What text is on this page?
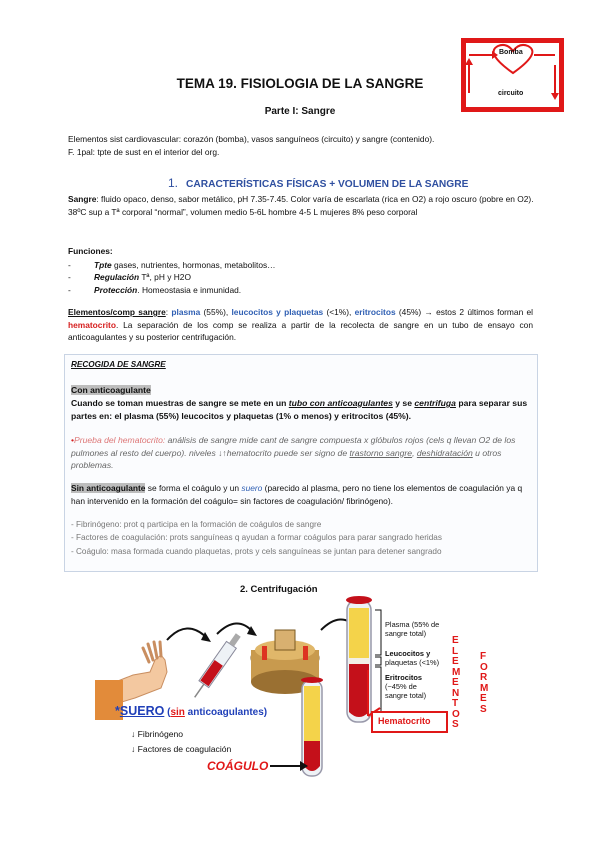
Bomba
circuito
TEMA 19. FISIOLOGIA DE LA SANGRE
Parte I: Sangre

Elementos sist cardiovascular: corazón (bomba), vasos sanguíneos (circuito) y sangre (contenido).

F. 1pal: tpte de sust en el interior del org.

1. CARACTERÍSTICAS FÍSICAS + VOLUMEN DE LA SANGRE
Sangre: fluido opaco, denso, sabor metálico, pH 7.35-7.45. Color varía de escarlata (rica en O2) a rojo oscuro (pobre en O2). 38ºC sup a Tª corporal “normal”, volumen medio 5-6L hombre 4-5 L mujeres 8% peso corporal

Funciones:

-	Tpte gases, nutrientes, hormonas, metabolitos…
-	Regulación Tª, pH y H2O
-	Protección. Homeostasia e inmunidad.
Elementos/comp sangre: plasma (55%), leucocitos y plaquetas (<1%), eritrocitos (45%) → estos 2 últimos forman el hematocrito. La separación de los comp se realiza a partir de la recolecta de sangre en un tubo de ensayo con anticoagulantes y su posterior centrifugación.
RECOGIDA DE SANGRE
Con anticoagulante
Cuando se toman muestras de sangre se mete en un tubo con anticoagulantes y se centrifuga para separar sus partes en: el plasma (55%) leucocitos y plaquetas (1% o menos) y eritrocitos (45%).
•Prueba del hematocrito: análisis de sangre mide cant de sangre compuesta x glóbulos rojos (cels q llevan O2 de los pulmones al resto del cuerpo). niveles ↓↑hematocrito puede ser signo de trastorno sangre, deshidratación u otros problemas.
Sin anticoagulante se forma el coágulo y un suero (parecido al plasma, pero no tiene los elementos de coagulación ya q han intervenido en la formación del coágulo= sin factores de coagulación/ fibrinógeno).

- Fibrinógeno: prot q participa en la formación de coágulos de sangre

- Factores de coagulación: prots sanguíneas q ayudan a formar coágulos para parar sangrado heridas

- Coágulo: masa formada cuando plaquetas, prots y cels sanguíneas se juntan para detener sangrado

2. Centrifugación
Plasma (55% de
sangre total)
Leucocitos y
plaquetas (<1%)
Eritrocitos
(~45% de
sangre total)
Hematocrito
ELEMENTOS
FORMES
*SUERO (sin anticoagulantes)
↓ Fibrinógeno
↓ Factores de coagulación
COÁGULO
